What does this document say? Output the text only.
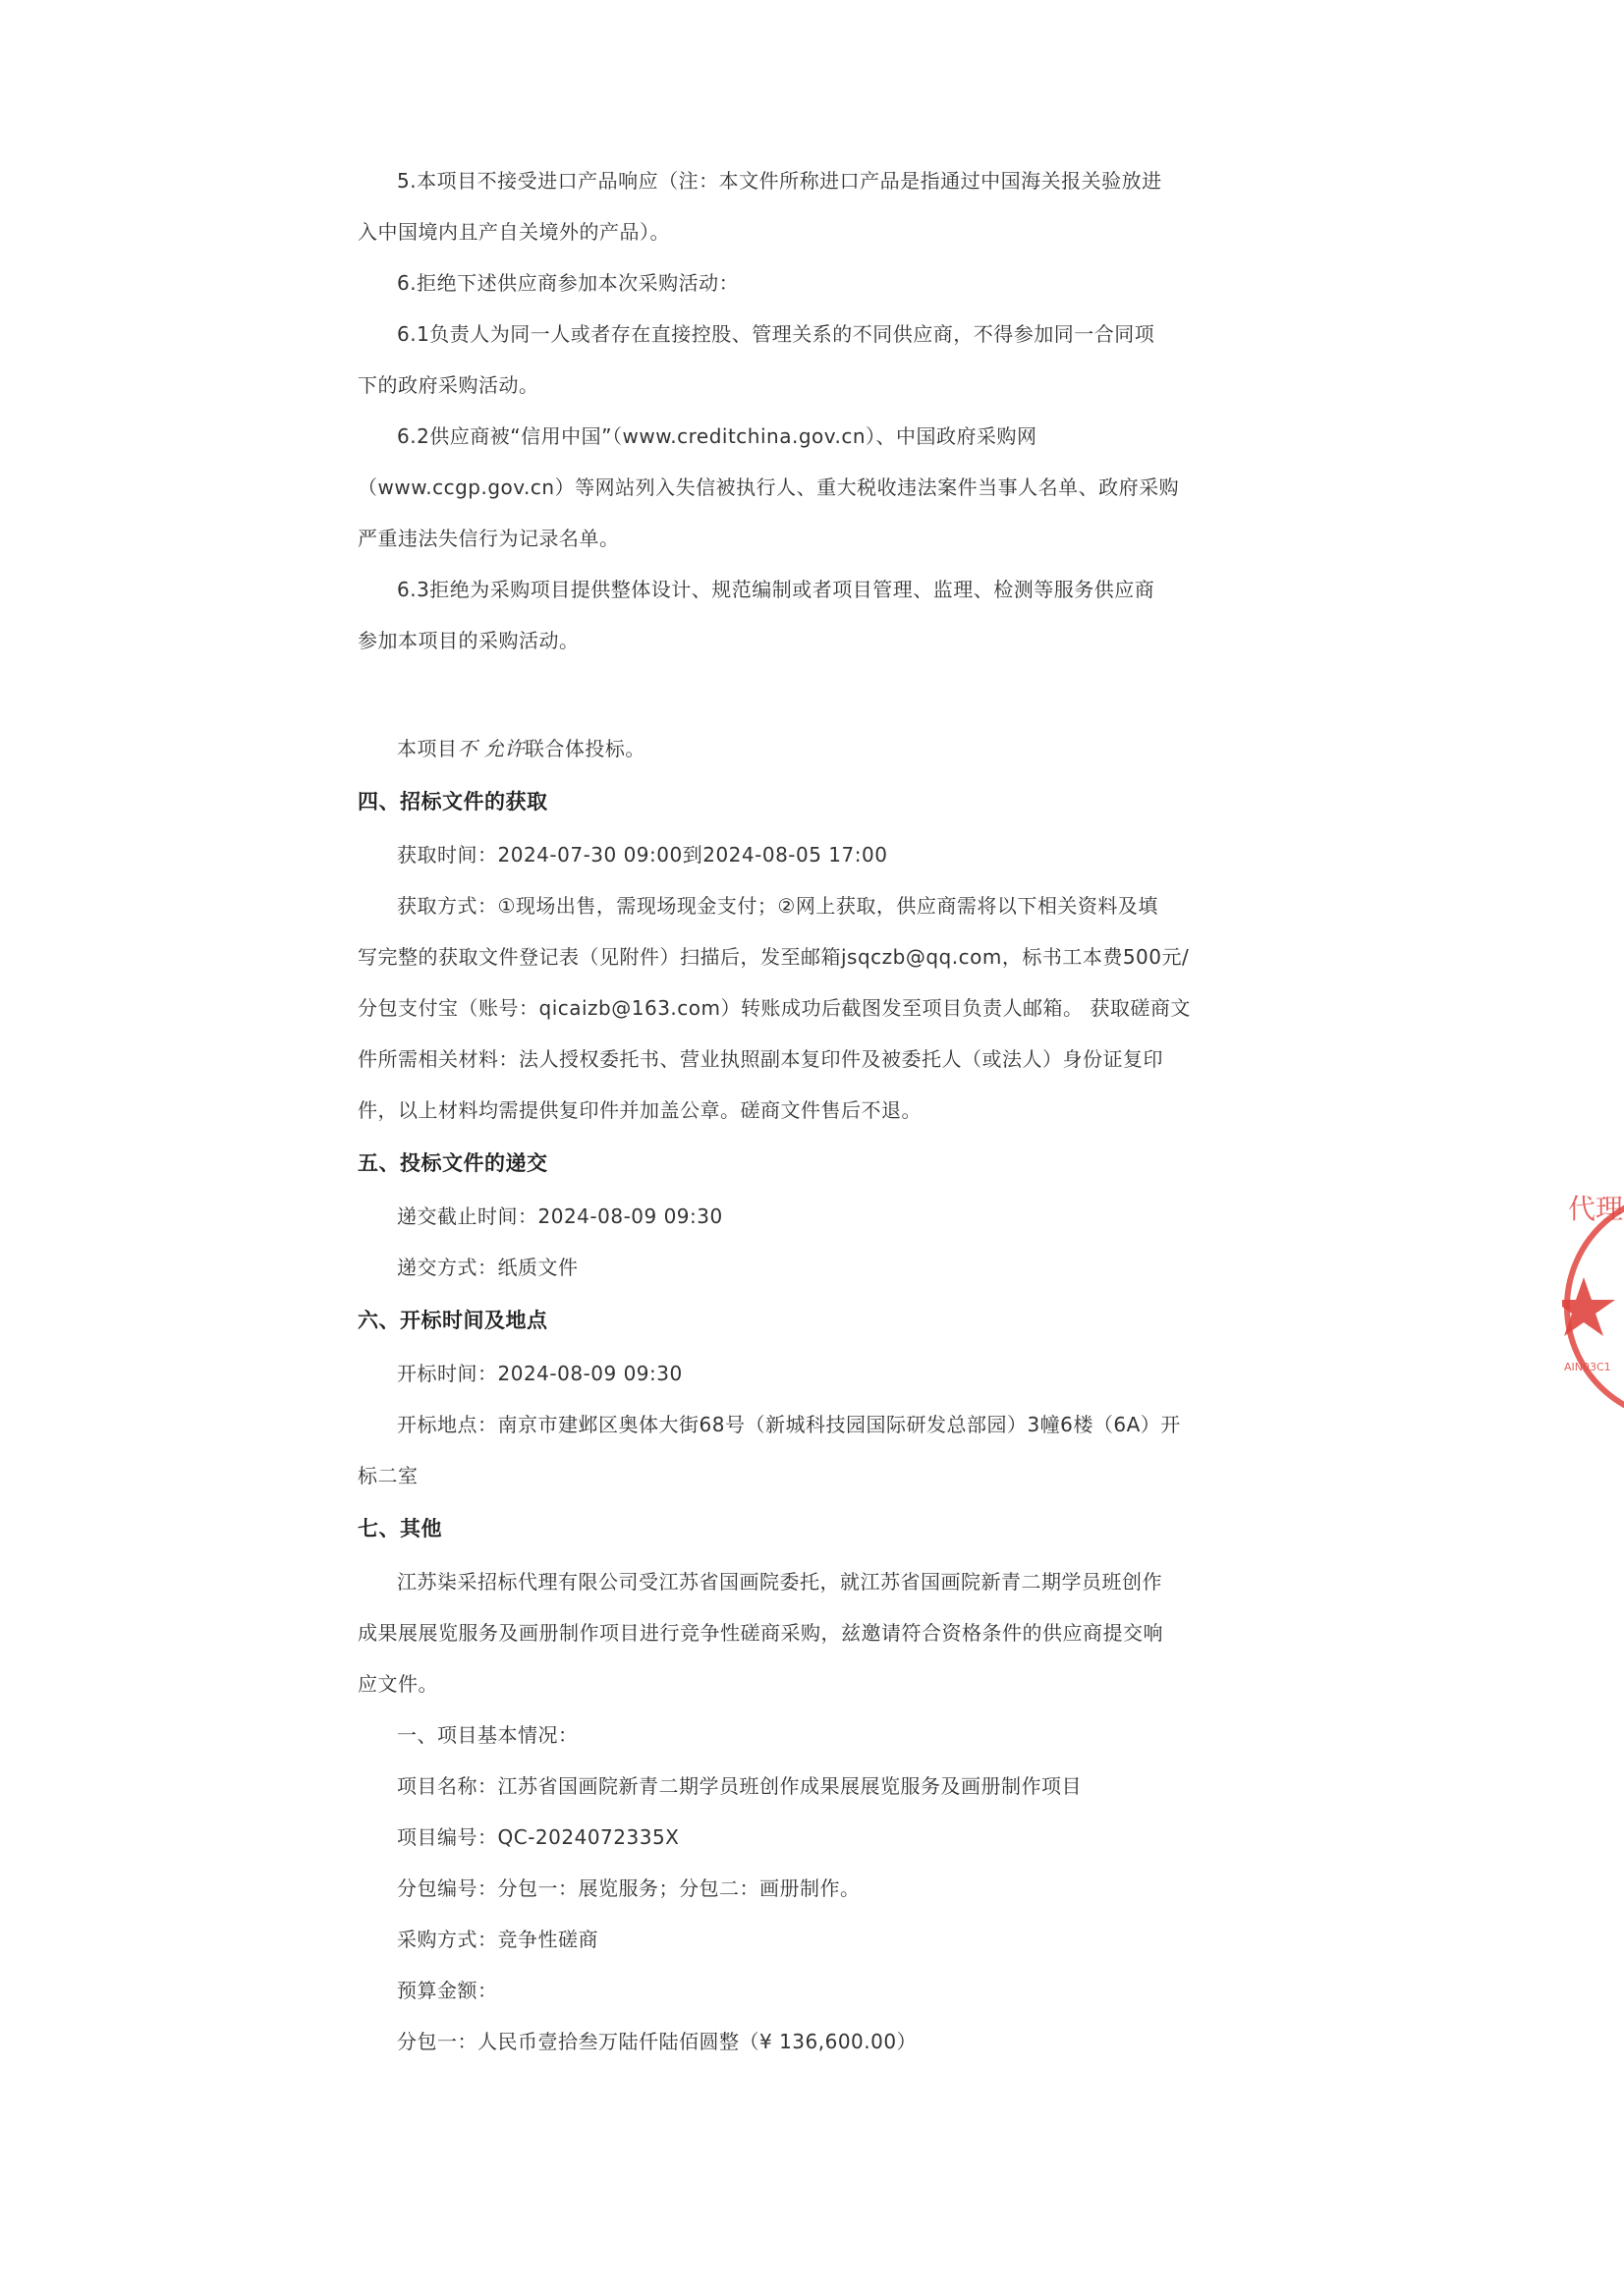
5.本项目不接受进口产品响应（注：本文件所称进口产品是指通过中国海关报关验放进
入中国境内且产自关境外的产品）。
6.拒绝下述供应商参加本次采购活动：
6.1负责人为同一人或者存在直接控股、管理关系的不同供应商，不得参加同一合同项
下的政府采购活动。
6.2供应商被“信用中国”（www.creditchina.gov.cn）、中国政府采购网
（www.ccgp.gov.cn）等网站列入失信被执行人、重大税收违法案件当事人名单、政府采购
严重违法失信行为记录名单。
6.3拒绝为采购项目提供整体设计、规范编制或者项目管理、监理、检测等服务供应商
参加本项目的采购活动。
本项目不 允许联合体投标。
四、招标文件的获取
获取时间：2024-07-30 09:00到2024-08-05 17:00
获取方式：①现场出售，需现场现金支付；②网上获取，供应商需将以下相关资料及填
写完整的获取文件登记表（见附件）扫描后，发至邮箱jsqczb@qq.com，标书工本费500元/
分包支付宝（账号：qicaizb@163.com）转账成功后截图发至项目负责人邮箱。 获取磋商文
件所需相关材料：法人授权委托书、营业执照副本复印件及被委托人（或法人）身份证复印
件，以上材料均需提供复印件并加盖公章。磋商文件售后不退。
五、投标文件的递交
递交截止时间：2024-08-09 09:30
递交方式：纸质文件
六、开标时间及地点
开标时间：2024-08-09 09:30
开标地点：南京市建邺区奥体大街68号（新城科技园国际研发总部园）3幢6楼（6A）开
标二室
七、其他
江苏柒采招标代理有限公司受江苏省国画院委托，就江苏省国画院新青二期学员班创作
成果展展览服务及画册制作项目进行竞争性磋商采购，兹邀请符合资格条件的供应商提交响
应文件。
一、项目基本情况：
项目名称：江苏省国画院新青二期学员班创作成果展展览服务及画册制作项目
项目编号：QC-2024072335X
分包编号：分包一：展览服务；分包二：画册制作。
采购方式：竞争性磋商
预算金额：
分包一：人民币壹拾叁万陆仟陆佰圆整（¥ 136,600.00）
代理
AIN03C1
